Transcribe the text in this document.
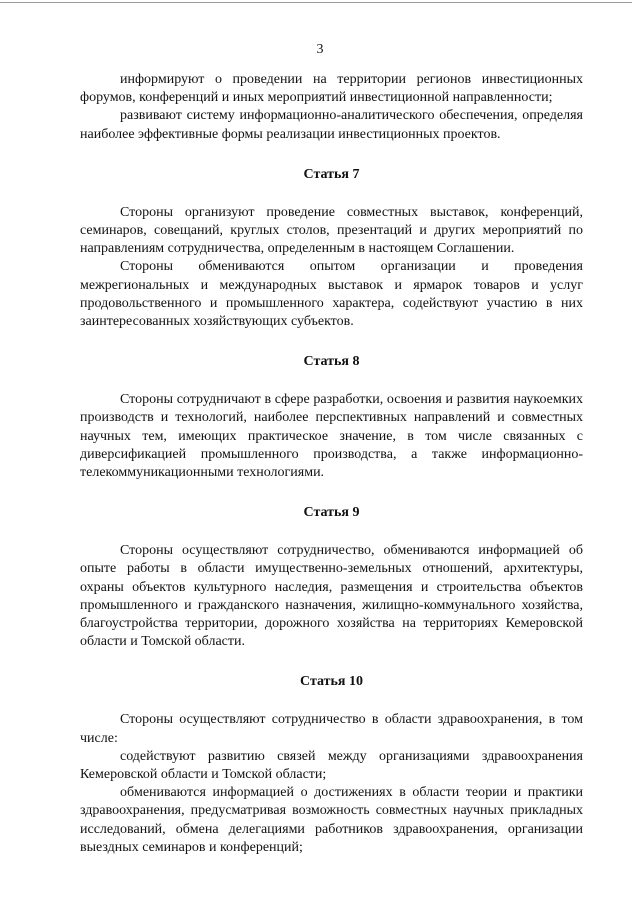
3

информируют о проведении на территории регионов инвестиционных форумов, конференций и иных мероприятий инвестиционной направленности;

развивают систему информационно-аналитического обеспечения, определяя наиболее эффективные формы реализации инвестиционных проектов.

Статья 7

Стороны организуют проведение совместных выставок, конференций, семинаров, совещаний, круглых столов, презентаций и других мероприятий по направлениям сотрудничества, определенным в настоящем Соглашении.

Стороны обмениваются опытом организации и проведения межрегиональных и международных выставок и ярмарок товаров и услуг продовольственного и промышленного характера, содействуют участию в них заинтересованных хозяйствующих субъектов.

Статья 8

Стороны сотрудничают в сфере разработки, освоения и развития наукоемких производств и технологий, наиболее перспективных направлений и совместных научных тем, имеющих практическое значение, в том числе связанных с диверсификацией промышленного производства, а также информационно-телекоммуникационными технологиями.

Статья 9

Стороны осуществляют сотрудничество, обмениваются информацией об опыте работы в области имущественно-земельных отношений, архитектуры, охраны объектов культурного наследия, размещения и строительства объектов промышленного и гражданского назначения, жилищно-коммунального хозяйства, благоустройства территории, дорожного хозяйства на территориях Кемеровской области и Томской области.

Статья 10

Стороны осуществляют сотрудничество в области здравоохранения, в том числе:

содействуют развитию связей между организациями здравоохранения Кемеровской области и Томской области;

обмениваются информацией о достижениях в области теории и практики здравоохранения, предусматривая возможность совместных научных прикладных исследований, обмена делегациями работников здравоохранения, организации выездных семинаров и конференций;
